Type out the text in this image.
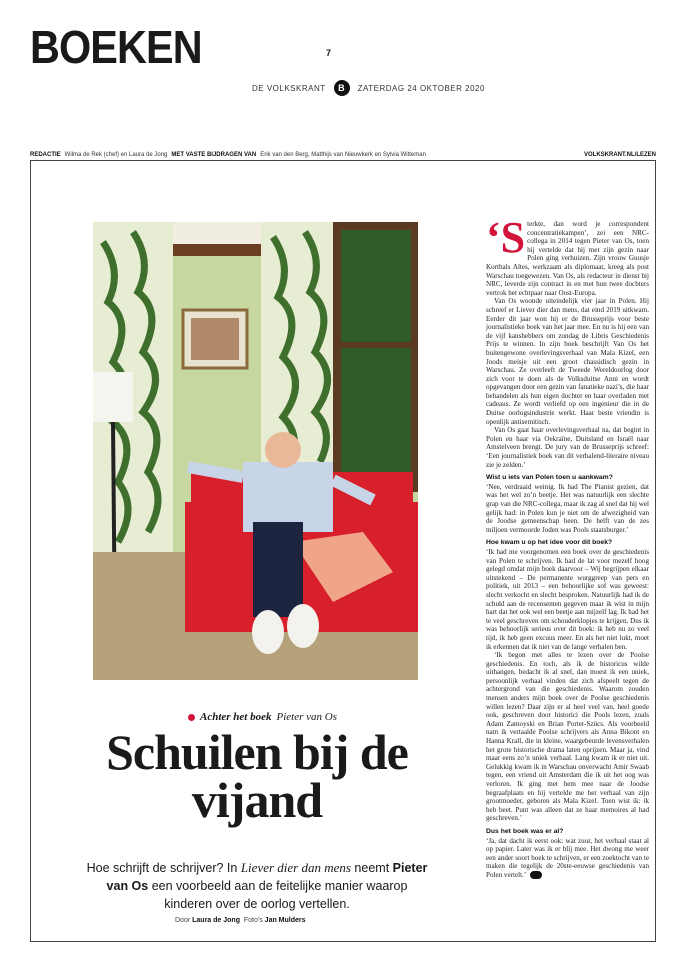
BOEKEN	7
DE VOLKSKRANT	B	ZATERDAG 24 OKTOBER 2020
REDACTIE Wilma de Rek (chef) en Laura de Jong MET VASTE BIJDRAGEN VAN Erik van den Berg, Matthijs van Nieuwkerk en Sylvia Witteman	VOLKSKRANT.NL/LEZEN
Achter het boek Pieter van Os
Schuilen bij de vijand

Hoe schrijft de schrijver? In Liever dier dan mens neemt Pieter van Os een voorbeeld aan de feitelijke manier waarop kinderen over de oorlog vertellen.

Door Laura de Jong Foto's Jan Mulders

‘Sterkte, dan word je correspondent concentratiekampen’, zei een NRC-collega in 2014 tegen Pieter van Os, toen hij vertelde dat hij met zijn gezin naar Polen ging verhuizen. Zijn vrouw Guusje Korthals Altes, werkzaam als diplomaat, kreeg als post Warschau toegewezen. Van Os, als redacteur in dienst bij NRC, leverde zijn contract in en met hun twee dochters vertrok het echtpaar naar Oost-Europa.

Van Os woonde uiteindelijk vier jaar in Polen. Hij schreef er Liever dier dan mens, dat eind 2019 uitkwam. Eerder dit jaar won hij er de Brusseprijs voor beste journalistieke boek van het jaar mee. En nu is hij een van de vijf kanshebbers om zondag de Libris Geschiedenis Prijs te winnen. In zijn boek beschrijft Van Os het buitengewone overlevingsverhaal van Mala Kizel, een Joods meisje uit een groot chassidisch gezin in Warschau. Ze overleeft de Tweede Wereldoorlog door zich voor te doen als de Volksduitse Anni en wordt opgevangen door een gezin van fanatieke nazi’s, die haar behandelen als hun eigen dochter en haar overladen met cadeaus. Ze wordt verliefd op een ingenieur die in de Duitse oorlogsindustrie werkt. Haar beste vriendin is openlijk antisemitisch.

Van Os gaat haar overlevingsverhaal na, dat begint in Polen en haar via Oekraïne, Duitsland en Israël naar Amstelveen brengt. De jury van de Brusseprijs schreef: ‘Een journalistiek boek van dit verhalend-literaire niveau zie je zelden.’

Wist u iets van Polen toen u aankwam?

‘Nee, verdraaid weinig. Ik had The Pianist gezien, dat was het wel zo’n beetje. Het was natuurlijk een slechte grap van die NRC-collega, maar ik zag al snel dat hij wel gelijk had: in Polen kun je niet om de afwezigheid van de Joodse gemeenschap heen. De helft van de zes miljoen vermoorde Joden was Pools staatsburger.’

Hoe kwam u op het idee voor dit boek?

‘Ik had me voorgenomen een boek over de geschiedenis van Polen te schrijven. Ik had de lat voor mezelf hoog gelegd omdat mijn boek daarvoor – Wij begrijpen elkaar uitstekend – De permanente wurggreep van pers en politiek, uit 2013 – een behoorlijke sof was geweest: slecht verkocht en slecht besproken. Natuurlijk had ik de schuld aan de recensenten gegeven maar ik wist in mijn hart dat het ook wel een beetje aan mijzelf lag. Ik had het te veel geschreven om schouderklopjes te krijgen. Dus ik was behoorlijk serieus over dit boek: ik heb nu zo veel tijd, ik heb geen excuus meer. En als het niet lukt, moet ik erkennen dat ik niet van de lange verhalen ben.

‘Ik begon met alles te lezen over de Poolse geschiedenis. En toch, als ik de historicus wilde uithangen, bedacht ik al snel, dan moest ik een uniek, persoonlijk verhaal vinden dat zich afspeelt tegen de achtergrond van die geschiedenis. Waarom zouden mensen anders mijn boek over de Poolse geschiedenis willen lezen? Daar zijn er al heel veel van, heel goede ook, geschreven door historici die Pools lezen, zoals Adam Zamoyski en Brian Porter-Szücs. Als voorbeeld nam ik vertaalde Poolse schrijvers als Anna Bikont en Hanna Krall, die in kleine, waargebeurde levensverhalen het grote historische drama laten oprijzen. Maar ja, vind maar eens zo’n uniek verhaal. Lang kwam ik er niet uit. Gelukkig kwam ik in Warschau onverwacht Amir Swaab tegen, een vriend uit Amsterdam die ik uit het oog was verloren. Ik ging met hem mee naar de Joodse begraafplaats en hij vertelde me het verhaal van zijn grootmoeder, geboren als Mala Kizel. Toen wist ik: ik heb beet. Punt was alleen dat ze haar memoires al had geschreven.’

Dus het boek was er al?

‘Ja, dat dacht ik eerst ook: wat zuur, het verhaal staat al op papier. Later was ik er blij mee. Het dwong me weer een ander soort boek te schrijven, er een zoektocht van te maken die tegelijk de 20ste-eeuwse geschiedenis van Polen vertelt.’
